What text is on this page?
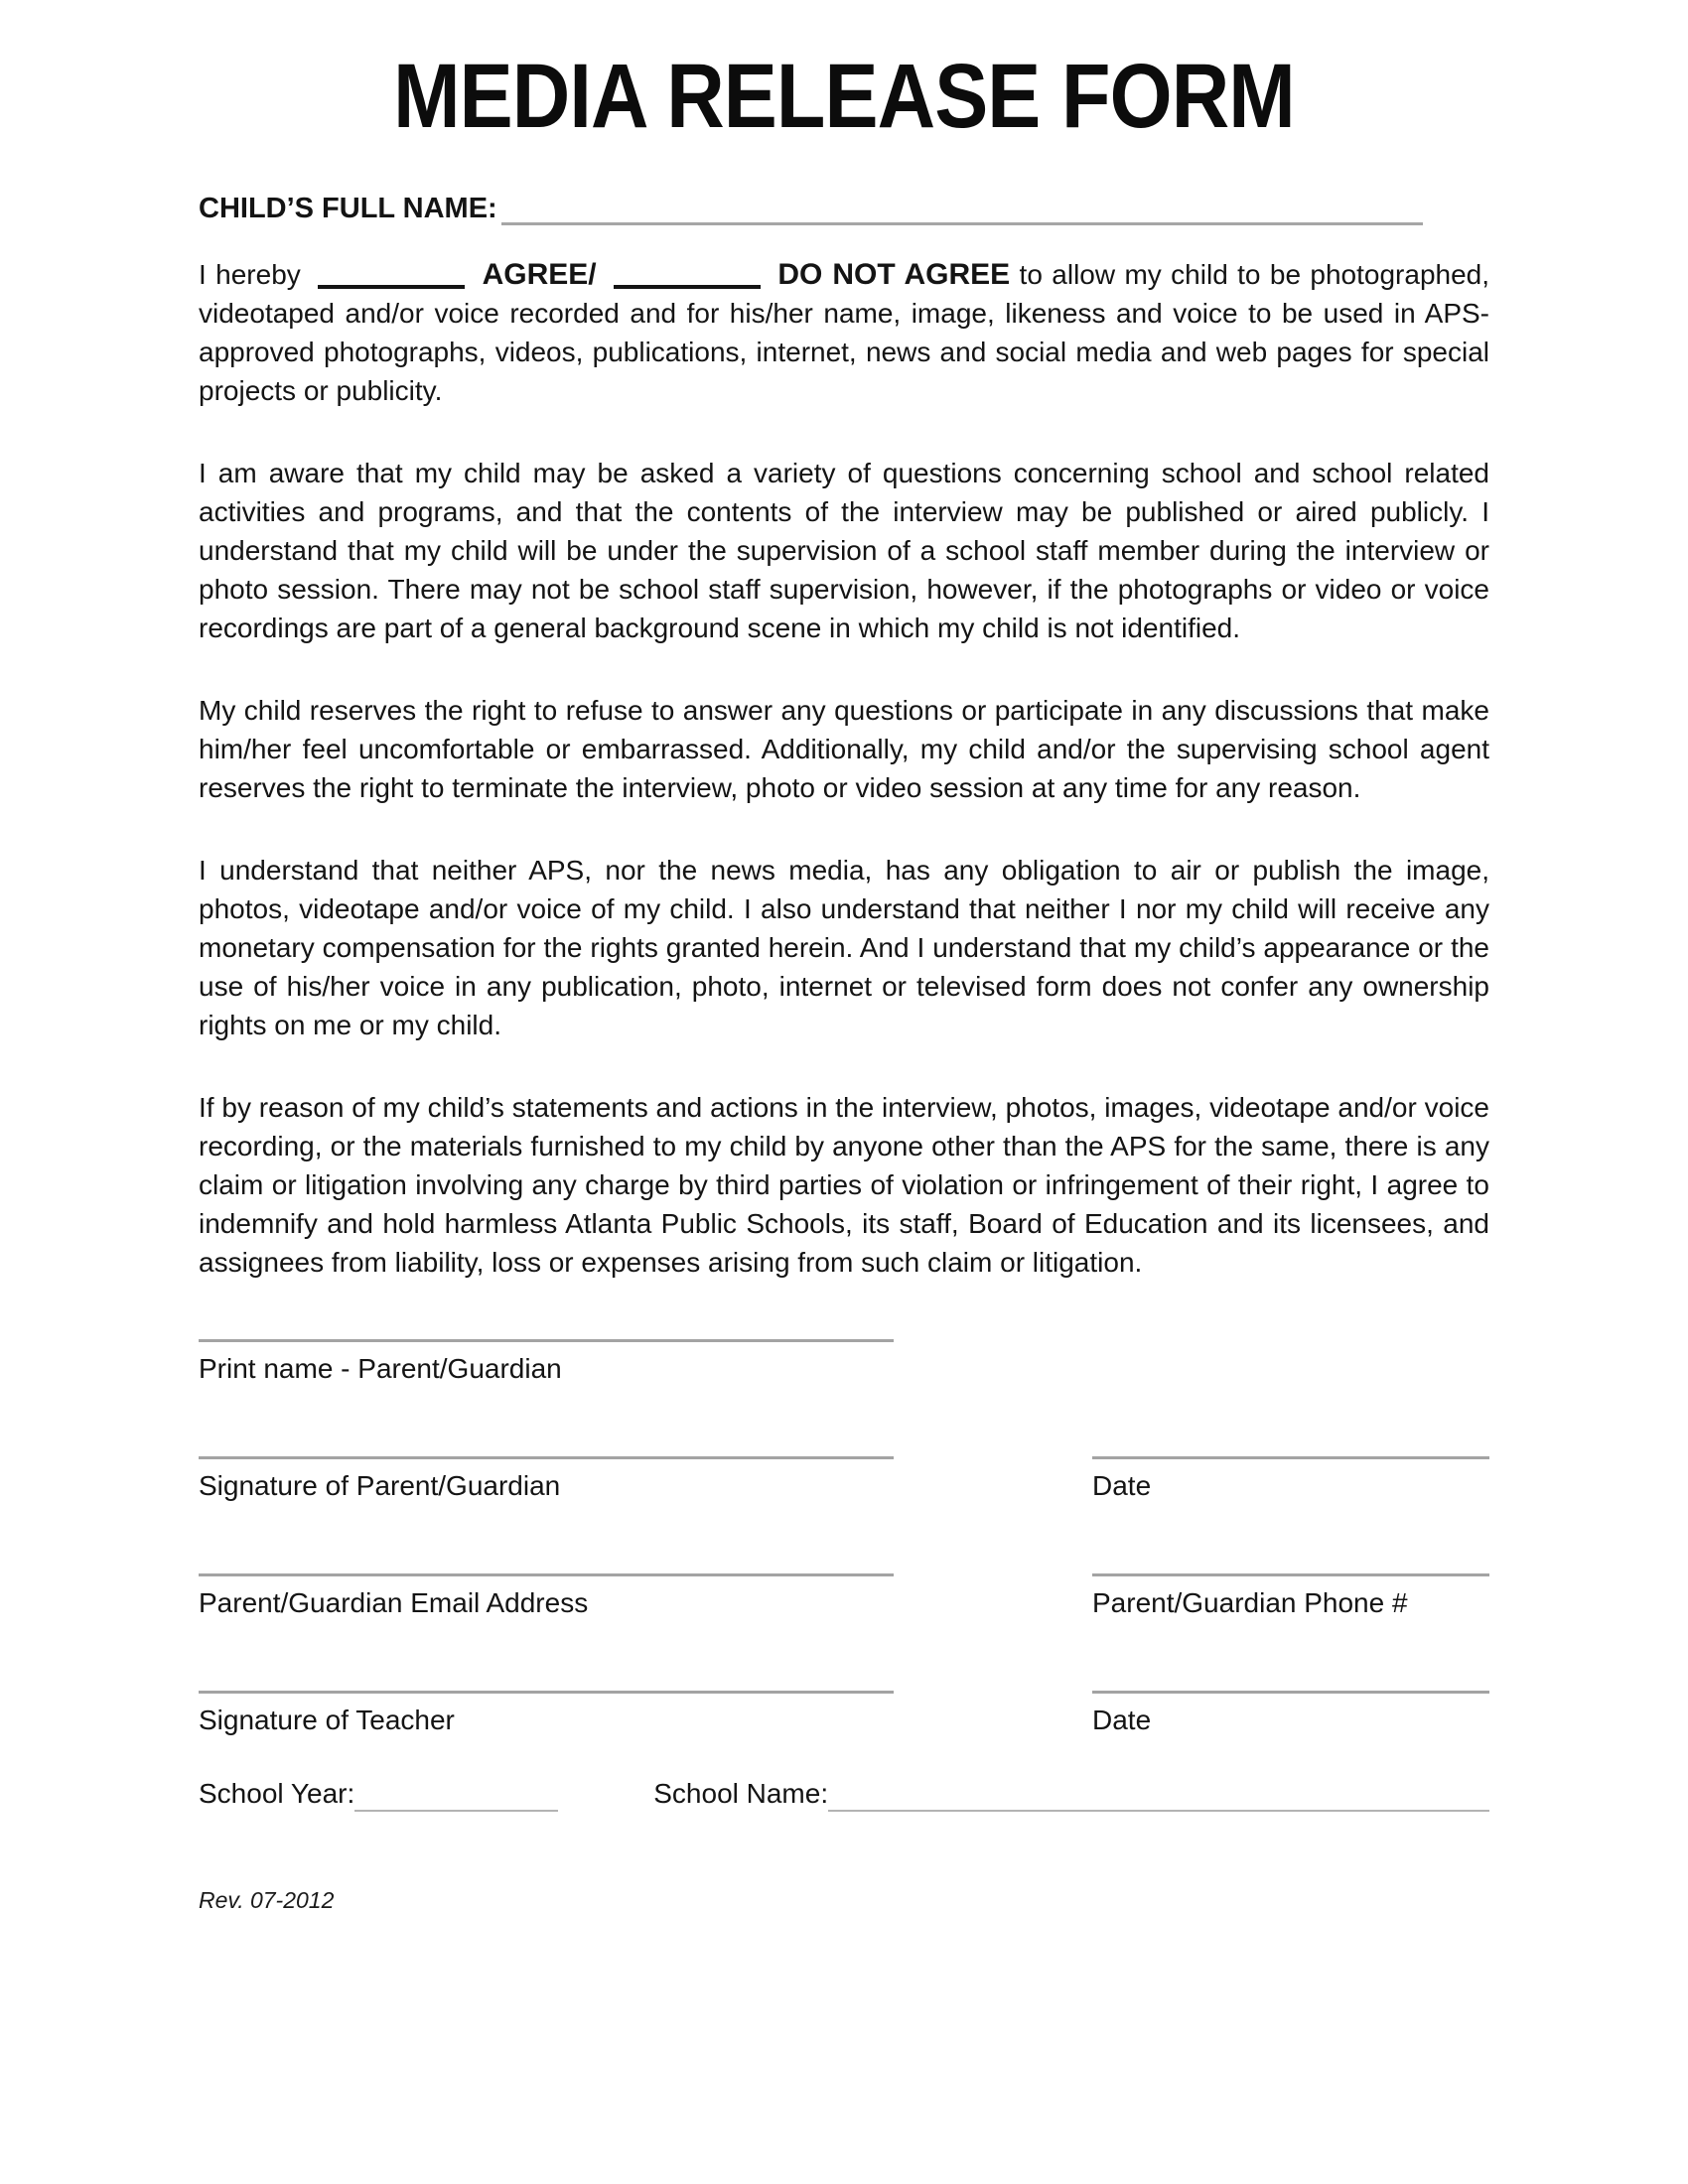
MEDIA RELEASE FORM
CHILD’S FULL NAME:

I hereby	AGREE/	DO NOT AGREE to allow my child to be photographed, videotaped and/or voice recorded and for his/her name, image, likeness and voice to be used in APS-approved photographs, videos, publications, internet, news and social media and web pages for special projects or publicity.

I am aware that my child may be asked a variety of questions concerning school and school related activities and programs, and that the contents of the interview may be published or aired publicly. I understand that my child will be under the supervision of a school staff member during the interview or photo session. There may not be school staff supervision, however, if the photographs or video or voice recordings are part of a general background scene in which my child is not identified.

My child reserves the right to refuse to answer any questions or participate in any discussions that make him/her feel uncomfortable or embarrassed. Additionally, my child and/or the supervising school agent reserves the right to terminate the interview, photo or video session at any time for any reason.

I understand that neither APS, nor the news media, has any obligation to air or publish the image, photos, videotape and/or voice of my child. I also understand that neither I nor my child will receive any monetary compensation for the rights granted herein. And I understand that my child’s appearance or the use of his/her voice in any publication, photo, internet or televised form does not confer any ownership rights on me or my child.

If by reason of my child’s statements and actions in the interview, photos, images, videotape and/or voice recording, or the materials furnished to my child by anyone other than the APS for the same, there is any claim or litigation involving any charge by third parties of violation or infringement of their right, I agree to indemnify and hold harmless Atlanta Public Schools, its staff, Board of Education and its licensees, and assignees from liability, loss or expenses arising from such claim or litigation.

Print name - Parent/Guardian
Signature of Parent/Guardian	Date
Parent/Guardian Email Address	Parent/Guardian Phone #
Signature of Teacher	Date
School Year:	School Name:
Rev. 07-2012
